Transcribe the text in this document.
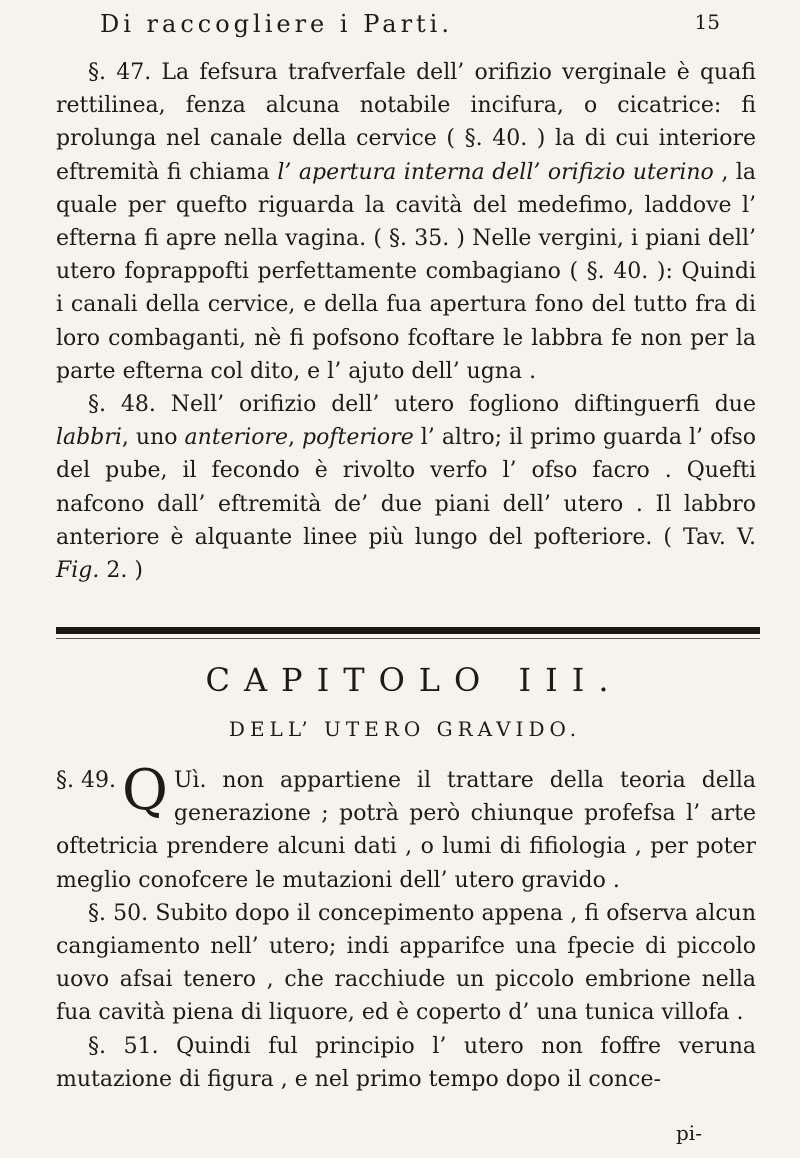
Di raccogliere i Parti.	15

§. 47. La fefsura trafverfale dell’ orifizio verginale è quafi rettilinea, fenza alcuna notabile incifura, o cicatrice: fi prolunga nel canale della cervice ( §. 40. ) la di cui interiore eftremità fi chiama l’ apertura interna dell’ orifizio uterino , la quale per quefto riguarda la cavità del medefimo, laddove l’ efterna fi apre nella vagina. ( §. 35. ) Nelle vergini, i piani dell’ utero foprappofti perfettamente combagiano ( §. 40. ): Quindi i canali della cervice, e della fua apertura fono del tutto fra di loro combaganti, nè fi pofsono fcoftare le labbra fe non per la parte efterna col dito, e l’ ajuto dell’ ugna .

§. 48. Nell’ orifizio dell’ utero fogliono diftinguerfi due labbri, uno anteriore, pofteriore l’ altro; il primo guarda l’ ofso del pube, il fecondo è rivolto verfo l’ ofso facro . Quefti nafcono dall’ eftremità de’ due piani dell’ utero . Il labbro anteriore è alquante linee più lungo del pofteriore. ( Tav. V. Fig. 2. )

CAPITOLO III.
DELL’ UTERO GRAVIDO.

§. 49. Q Uì. non appartiene il trattare della teoria della generazione ; potrà però chiunque profefsa l’ arte oftetricia prendere alcuni dati , o lumi di fifiologia , per poter meglio conofcere le mutazioni dell’ utero gravido .

§. 50. Subito dopo il concepimento appena , fi ofserva alcun cangiamento nell’ utero; indi apparifce una fpecie di piccolo uovo afsai tenero , che racchiude un piccolo embrione nella fua cavità piena di liquore, ed è coperto d’ una tunica villofa .

§. 51. Quindi ful principio l’ utero non foffre veruna mutazione di figura , e nel primo tempo dopo il conce-

pi-
